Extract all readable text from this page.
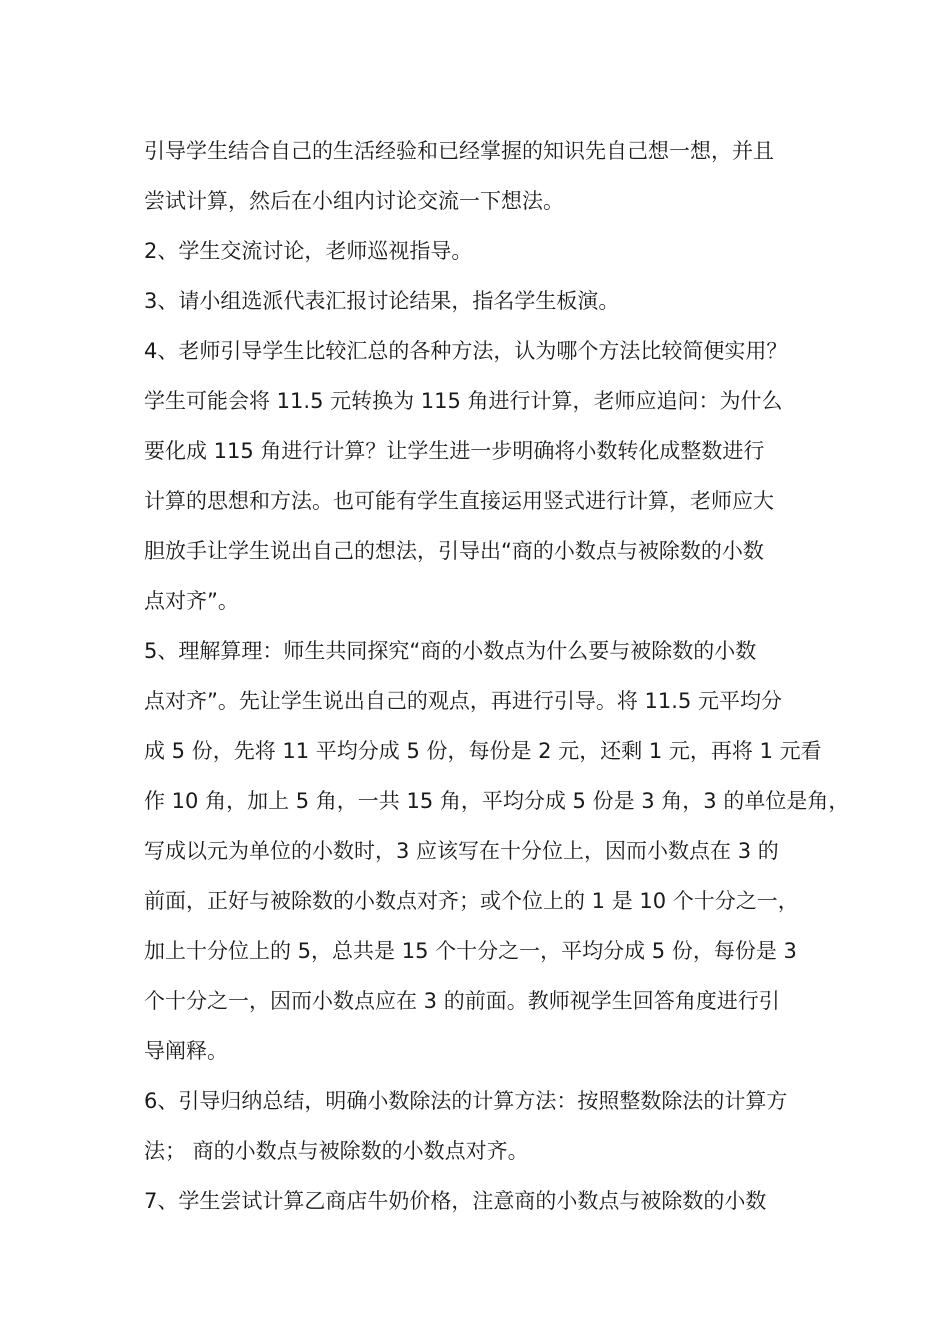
引导学生结合自己的生活经验和已经掌握的知识先自己想一想，并且
尝试计算，然后在小组内讨论交流一下想法。
2、学生交流讨论，老师巡视指导。
3、请小组选派代表汇报讨论结果，指名学生板演。
4、老师引导学生比较汇总的各种方法，认为哪个方法比较简便实用？
学生可能会将 11.5 元转换为 115 角进行计算，老师应追问：为什么
要化成 115 角进行计算？让学生进一步明确将小数转化成整数进行
计算的思想和方法。也可能有学生直接运用竖式进行计算，老师应大
胆放手让学生说出自己的想法，引导出“商的小数点与被除数的小数
点对齐”。
5、理解算理：师生共同探究“商的小数点为什么要与被除数的小数
点对齐”。先让学生说出自己的观点，再进行引导。将 11.5 元平均分
成 5 份，先将 11 平均分成 5 份，每份是 2 元，还剩 1 元，再将 1 元看
作 10 角，加上 5 角，一共 15 角，平均分成 5 份是 3 角，3 的单位是角，
写成以元为单位的小数时，3 应该写在十分位上，因而小数点在 3 的
前面，正好与被除数的小数点对齐；或个位上的 1 是 10 个十分之一，
加上十分位上的 5，总共是 15 个十分之一，平均分成 5 份，每份是 3
个十分之一，因而小数点应在 3 的前面。教师视学生回答角度进行引
导阐释。
6、引导归纳总结，明确小数除法的计算方法：按照整数除法的计算方
法； 商的小数点与被除数的小数点对齐。
7、学生尝试计算乙商店牛奶价格，注意商的小数点与被除数的小数
